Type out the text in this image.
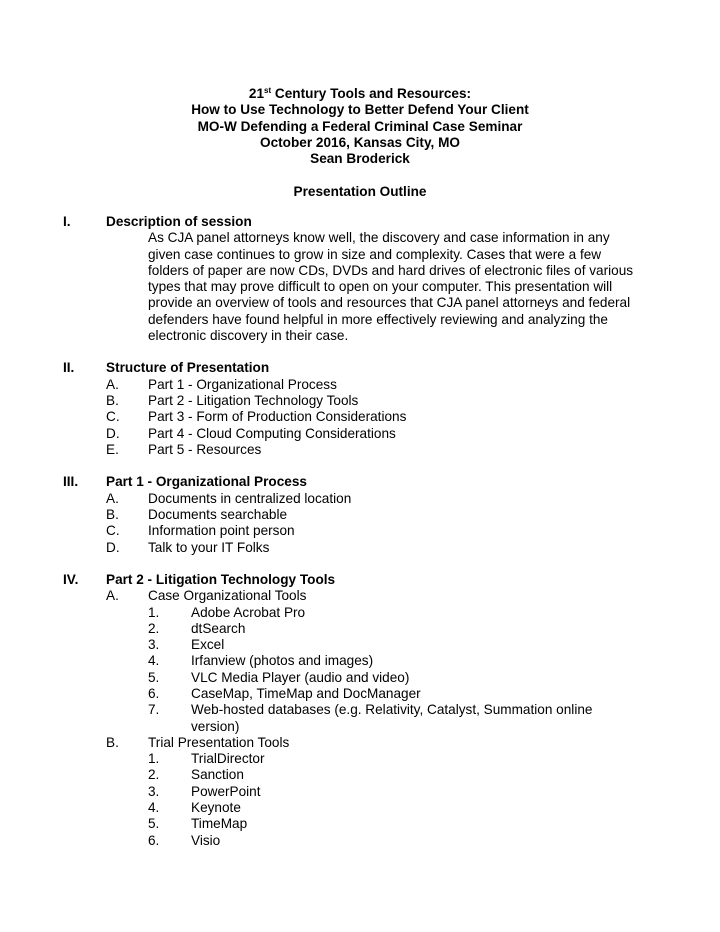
21st Century Tools and Resources:
How to Use Technology to Better Defend Your Client
MO-W Defending a Federal Criminal Case Seminar
October 2016, Kansas City, MO
Sean Broderick
Presentation Outline
I.	Description of session
As CJA panel attorneys know well, the discovery and case information in any
given case continues to grow in size and complexity. Cases that were a few
folders of paper are now CDs, DVDs and hard drives of electronic files of various
types that may prove difficult to open on your computer. This presentation will
provide an overview of tools and resources that CJA panel attorneys and federal
defenders have found helpful in more effectively reviewing and analyzing the
electronic discovery in their case.
II. Structure of Presentation
A. Part 1 - Organizational Process
B. Part 2 - Litigation Technology Tools
C. Part 3 - Form of Production Considerations
D. Part 4 - Cloud Computing Considerations
E. Part 5 - Resources
III. Part 1 - Organizational Process
A. Documents in centralized location
B. Documents searchable
C. Information point person
D. Talk to your IT Folks
IV. Part 2 - Litigation Technology Tools
A. Case Organizational Tools
1. Adobe Acrobat Pro
2. dtSearch
3. Excel
4. Irfanview (photos and images)
5. VLC Media Player (audio and video)
6. CaseMap, TimeMap and DocManager
7. Web-hosted databases (e.g. Relativity, Catalyst, Summation online
version)
B. Trial Presentation Tools
1. TrialDirector
2. Sanction
3. PowerPoint
4. Keynote
5. TimeMap
6. Visio
